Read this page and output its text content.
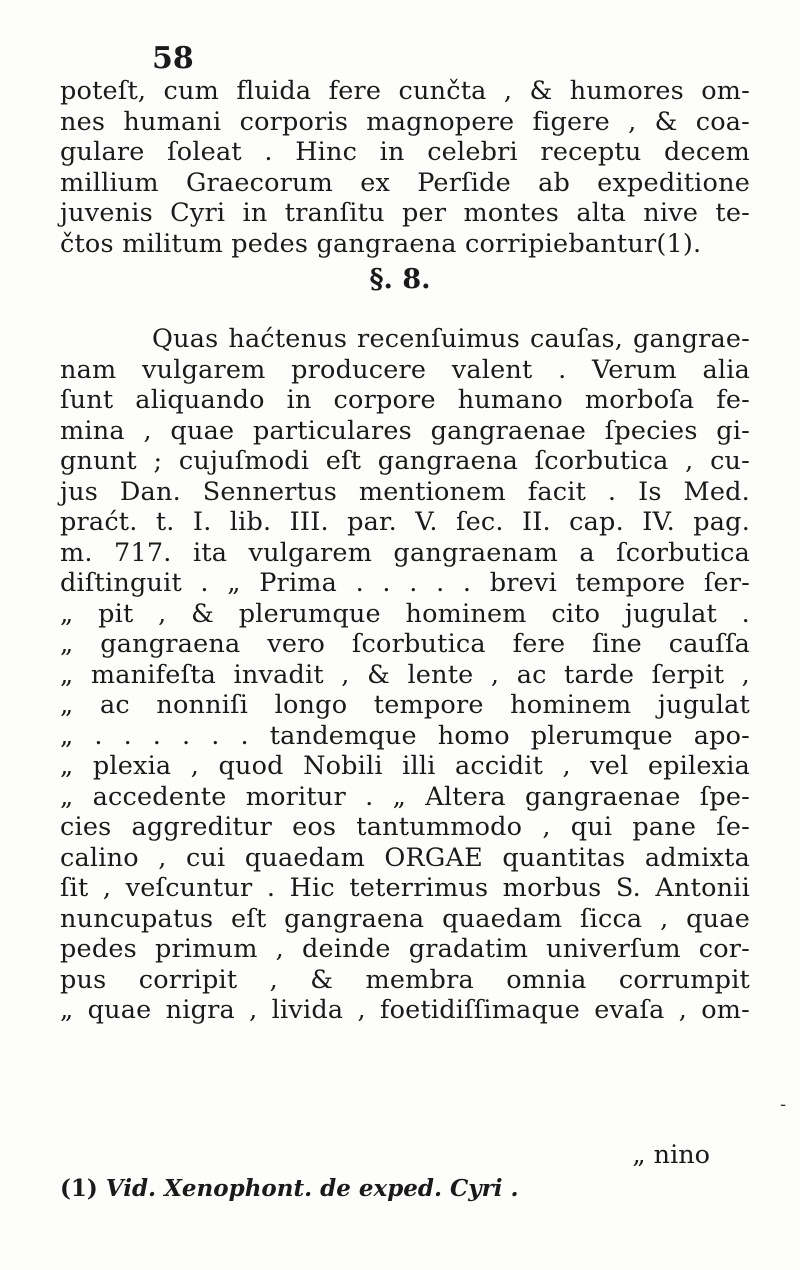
58
poteſt, cum fluida fere cunčta , & humores om-
nes humani corporis magnopere figere , & coa-
gulare ſoleat . Hinc in celebri receptu decem
millium Graecorum ex Perſide ab expeditione
juvenis Cyri in tranſitu per montes alta nive te-
čtos militum pedes gangraena corripiebantur(1).
§. 8.
Quas haćtenus recenſuimus cauſas, gangrae-
nam vulgarem producere valent . Verum alia
ſunt aliquando in corpore humano morboſa fe-
mina , quae particulares gangraenae ſpecies gi-
gnunt ; cujuſmodi eſt gangraena ſcorbutica , cu-
jus Dan. Sennertus mentionem facit . Is Med.
praćt. t. I. lib. III. par. V. ſec. II. cap. IV. pag.
m. 717. ita vulgarem gangraenam a ſcorbutica
diſtinguit . „ Prima . . . . . brevi tempore ſer-
„ pit , & plerumque hominem cito jugulat .
„ gangraena vero ſcorbutica fere ſine cauſſa
„ manifeſta invadit , & lente , ac tarde ſerpit ,
„ ac nonniſi longo tempore hominem jugulat
„ . . . . . . tandemque homo plerumque apo-
„ plexia , quod Nobili illi accidit , vel epilexia
„ accedente moritur . „ Altera gangraenae ſpe-
cies aggreditur eos tantummodo , qui pane ſe-
calino , cui quaedam ORGAE quantitas admixta
ſit , veſcuntur . Hic teterrimus morbus S. Antonii
nuncupatus eſt gangraena quaedam ſicca , quae
pedes primum , deinde gradatim univerſum cor-
pus corripit , & membra omnia corrumpit
„ quae nigra , livida , foetidiſſimaque evaſa , om-
-
„ nino
(1) Vid. Xenophont. de exped. Cyri .
